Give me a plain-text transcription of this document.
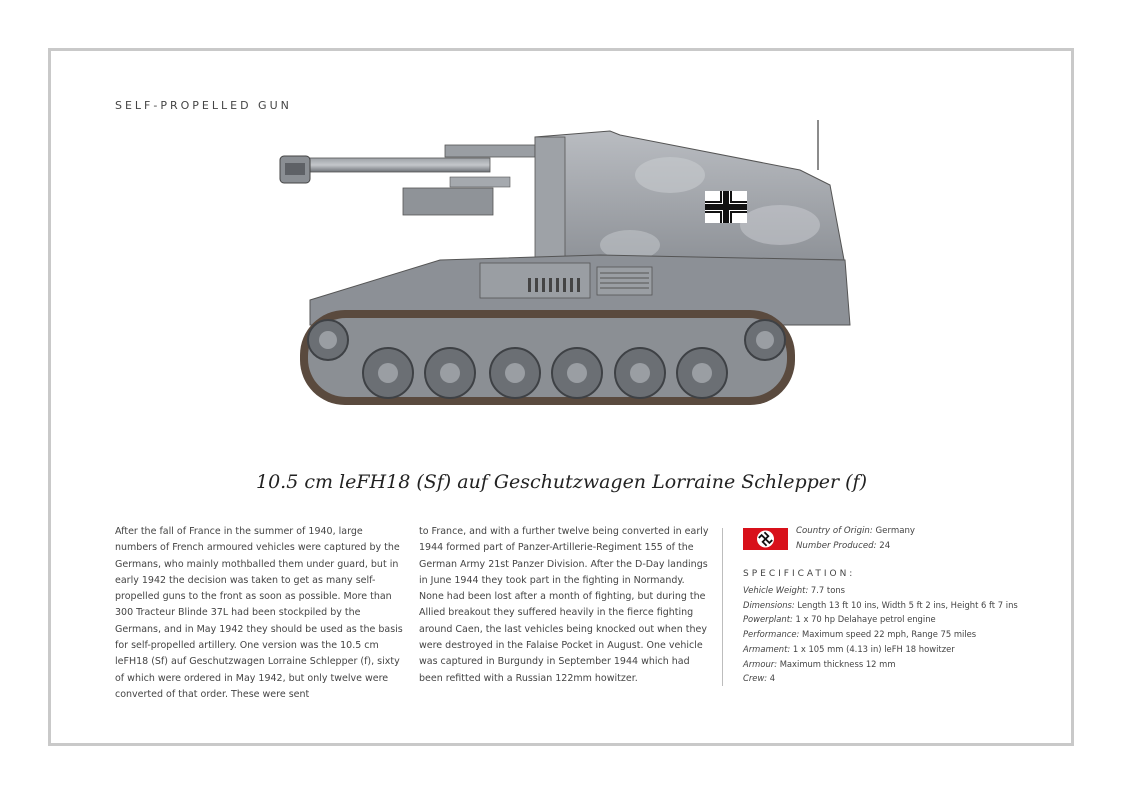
SELF-PROPELLED GUN
10.5 cm leFH18 (Sf) auf Geschutzwagen Lorraine Schlepper (f)
After the fall of France in the summer of 1940, large numbers of French armoured vehicles were captured by the Germans, who mainly mothballed them under guard, but in early 1942 the decision was taken to get as many self-propelled guns to the front as soon as possible. More than 300 Tracteur Blinde 37L had been stockpiled by the Germans, and in May 1942 they should be used as the basis for self-propelled artillery. One version was the 10.5 cm leFH18 (Sf) auf Geschutzwagen Lorraine Schlepper (f), sixty of which were ordered in May 1942, but only twelve were converted of that order. These were sent
to France, and with a further twelve being converted in early 1944 formed part of Panzer-Artillerie-Regiment 155 of the German Army 21st Panzer Division. After the D-Day landings in June 1944 they took part in the fighting in Normandy. None had been lost after a month of fighting, but during the Allied breakout they suffered heavily in the fierce fighting around Caen, the last vehicles being knocked out when they were destroyed in the Falaise Pocket in August. One vehicle was captured in Burgundy in September 1944 which had been refitted with a Russian 122mm howitzer.
Country of Origin: Germany
Number Produced: 24
SPECIFICATION:
Vehicle Weight: 7.7 tons
Dimensions: Length 13 ft 10 ins, Width 5 ft 2 ins, Height 6 ft 7 ins
Powerplant: 1 x 70 hp Delahaye petrol engine
Performance: Maximum speed 22 mph, Range 75 miles
Armament: 1 x 105 mm (4.13 in) leFH 18 howitzer
Armour: Maximum thickness 12 mm
Crew: 4
